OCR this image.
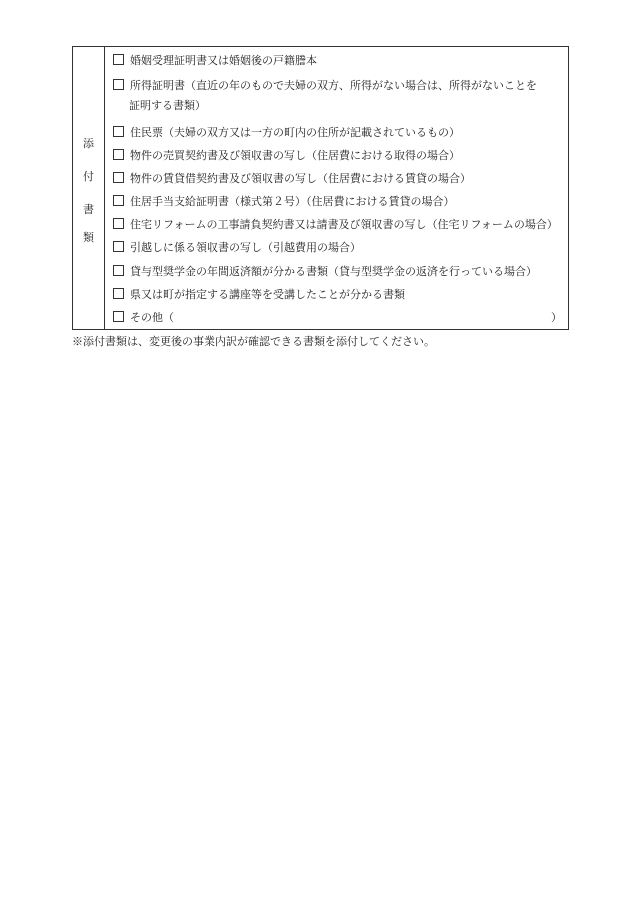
添
付
書
類
婚姻受理証明書又は婚姻後の戸籍謄本
所得証明書（直近の年のもので夫婦の双方、所得がない場合は、所得がないことを
証明する書類）
住民票（夫婦の双方又は一方の町内の住所が記載されているもの）
物件の売買契約書及び領収書の写し（住居費における取得の場合）
物件の賃貸借契約書及び領収書の写し（住居費における賃貸の場合）
住居手当支給証明書（様式第２号）（住居費における賃貸の場合）
住宅リフォームの工事請負契約書又は請書及び領収書の写し（住宅リフォームの場合）
引越しに係る領収書の写し（引越費用の場合）
貸与型奨学金の年間返済額が分かる書類（貸与型奨学金の返済を行っている場合）
県又は町が指定する講座等を受講したことが分かる書類
その他（	）
※添付書類は、変更後の事業内訳が確認できる書類を添付してください。
